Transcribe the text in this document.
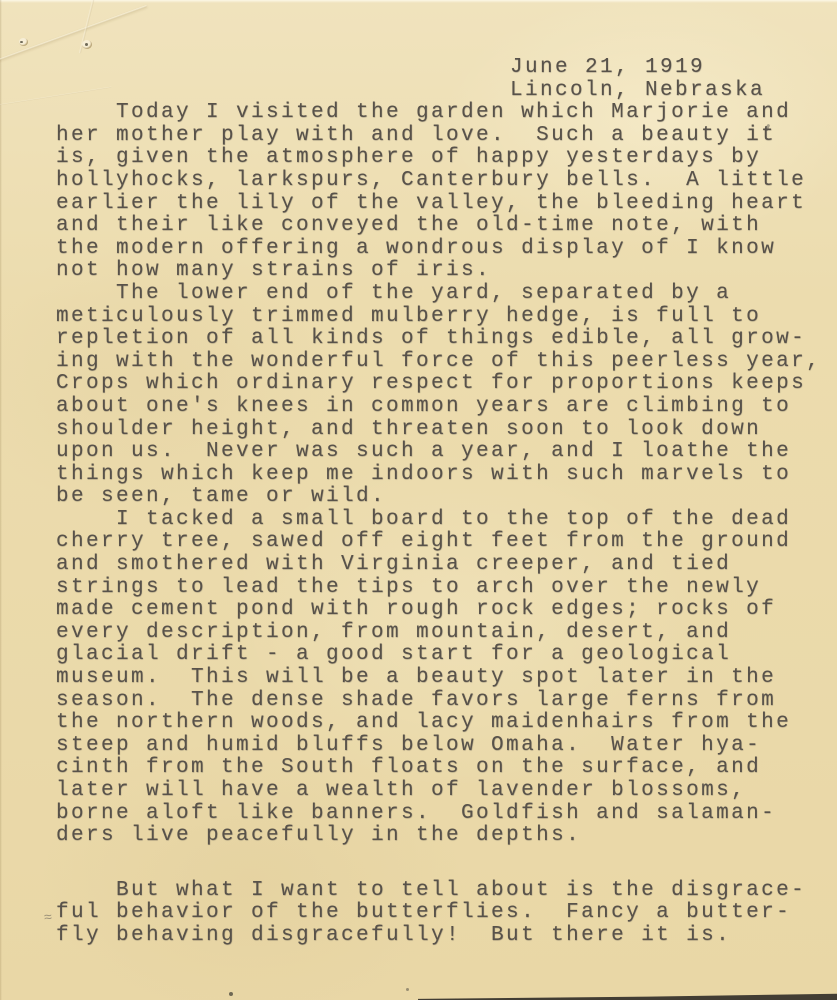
≈
June 21, 1919
Lincoln, Nebraska
Today I visited the garden which Marjorie and
her mother play with and love.  Such a beauty it
is, given the atmosphere of happy yesterdays by
hollyhocks, larkspurs, Canterbury bells.  A little
earlier the lily of the valley, the bleeding heart
and their like conveyed the old-time note, with
the modern offering a wondrous display of I know
not how many strains of iris.
The lower end of the yard, separated by a
meticulously trimmed mulberry hedge, is full to
repletion of all kinds of things edible, all grow-
ing with the wonderful force of this peerless year,
Crops which ordinary respect for proportions keeps
about one's knees in common years are climbing to
shoulder height, and threaten soon to look down
upon us.  Never was such a year, and I loathe the
things which keep me indoors with such marvels to
be seen, tame or wild.
I tacked a small board to the top of the dead
cherry tree, sawed off eight feet from the ground
and smothered with Virginia creeper, and tied
strings to lead the tips to arch over the newly
made cement pond with rough rock edges; rocks of
every description, from mountain, desert, and
glacial drift - a good start for a geological
museum.  This will be a beauty spot later in the
season.  The dense shade favors large ferns from
the northern woods, and lacy maidenhairs from the
steep and humid bluffs below Omaha.  Water hya-
cinth from the South floats on the surface, and
later will have a wealth of lavender blossoms,
borne aloft like banners.  Goldfish and salaman-
ders live peacefully in the depths.
But what I want to tell about is the disgrace-
ful behavior of the butterflies.  Fancy a butter-
fly behaving disgracefully!  But there it is.
